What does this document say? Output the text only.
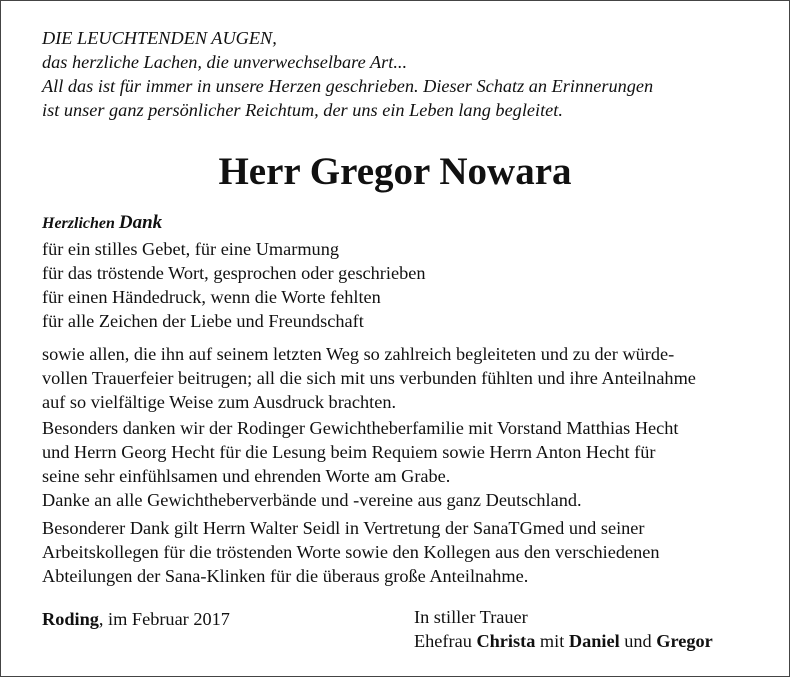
DIE LEUCHTENDEN AUGEN,
das herzliche Lachen, die unverwechselbare Art...
All das ist für immer in unsere Herzen geschrieben. Dieser Schatz an Erinnerungen
ist unser ganz persönlicher Reichtum, der uns ein Leben lang begleitet.
Herr Gregor Nowara
Herzlichen Dank
für ein stilles Gebet, für eine Umarmung
für das tröstende Wort, gesprochen oder geschrieben
für einen Händedruck, wenn die Worte fehlten
für alle Zeichen der Liebe und Freundschaft
sowie allen, die ihn auf seinem letzten Weg so zahlreich begleiteten und zu der würde-
vollen Trauerfeier beitrugen; all die sich mit uns verbunden fühlten und ihre Anteilnahme
auf so vielfältige Weise zum Ausdruck brachten.
Besonders danken wir der Rodinger Gewichtheberfamilie mit Vorstand Matthias Hecht
und Herrn Georg Hecht für die Lesung beim Requiem sowie Herrn Anton Hecht für
seine sehr einfühlsamen und ehrenden Worte am Grabe.
Danke an alle Gewichtheberverbände und -vereine aus ganz Deutschland.
Besonderer Dank gilt Herrn Walter Seidl in Vertretung der SanaTGmed und seiner
Arbeitskollegen für die tröstenden Worte sowie den Kollegen aus den verschiedenen
Abteilungen der Sana-Klinken für die überaus große Anteilnahme.
Roding, im Februar 2017	In stiller Trauer
Ehefrau Christa mit Daniel und Gregor
